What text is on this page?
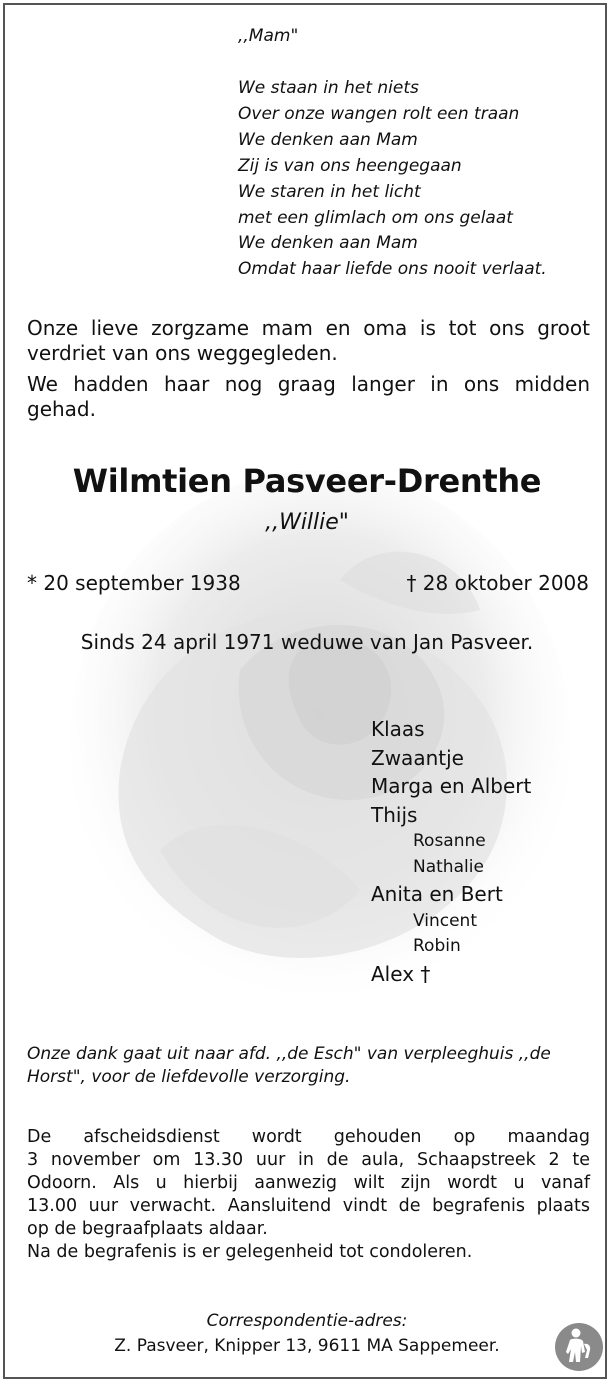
,,Mam"
We staan in het niets
Over onze wangen rolt een traan
We denken aan Mam
Zij is van ons heengegaan
We staren in het licht
met een glimlach om ons gelaat
We denken aan Mam
Omdat haar liefde ons nooit verlaat.

Onze lieve zorgzame mam en oma is tot ons groot verdriet van ons weggegleden.

We hadden haar nog graag langer in ons midden gehad.

Wilmtien Pasveer-Drenthe
,,Willie"
* 20 september 1938	† 28 oktober 2008
Sinds 24 april 1971 weduwe van Jan Pasveer.
Klaas
Zwaantje
Marga en Albert
Thijs
Rosanne
Nathalie
Anita en Bert
Vincent
Robin
Alex †

Onze dank gaat uit naar afd. ,,de Esch" van verpleeghuis ,,de Horst", voor de liefdevolle verzorging.

De afscheidsdienst wordt gehouden op maandag
3 november om 13.30 uur in de aula, Schaapstreek 2 te
Odoorn. Als u hierbij aanwezig wilt zijn wordt u vanaf
13.00 uur verwacht. Aansluitend vindt de begrafenis plaats
op de begraafplaats aldaar.
Na de begrafenis is er gelegenheid tot condoleren.
Correspondentie-adres:
Z. Pasveer, Knipper 13, 9611 MA Sappemeer.
